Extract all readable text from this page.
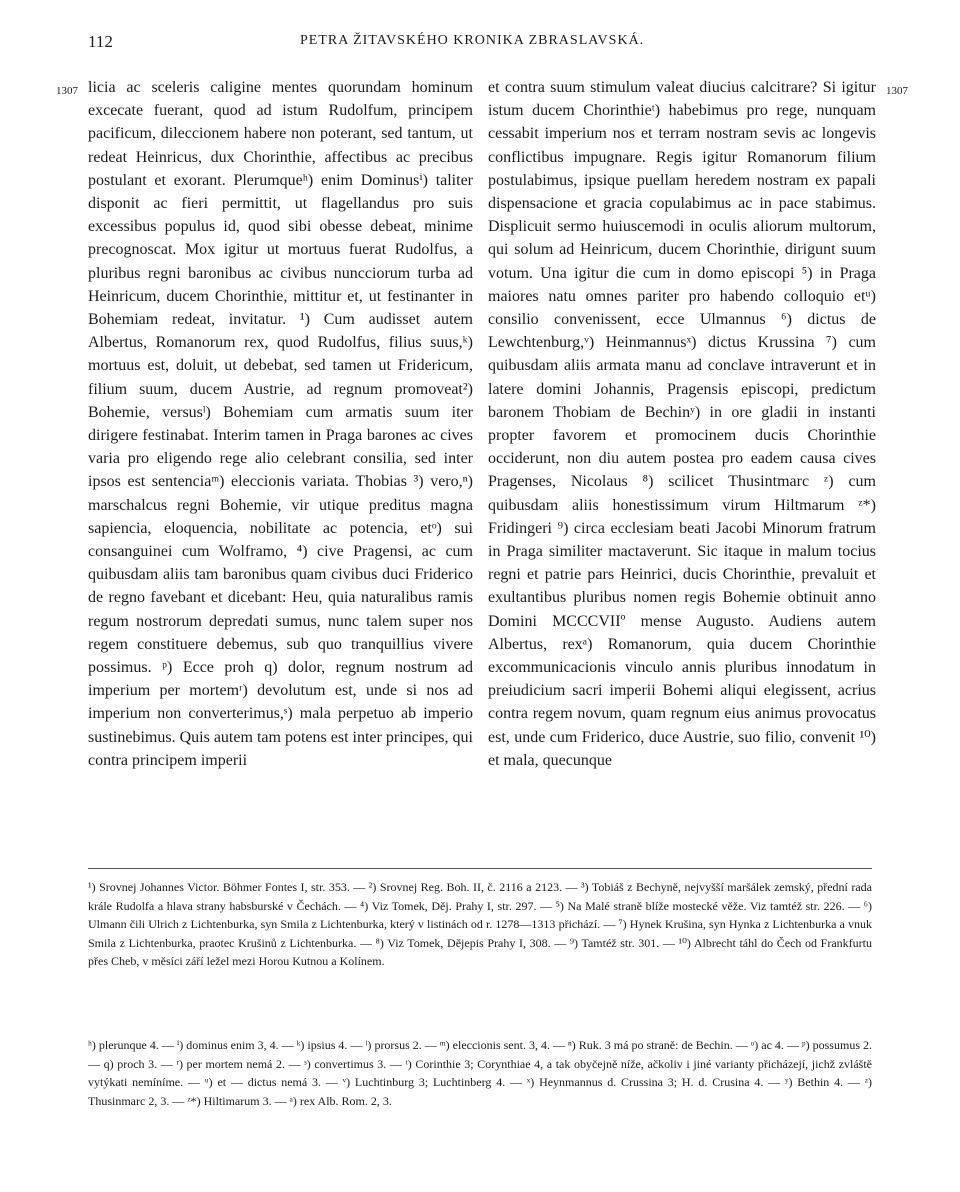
112	PETRA ŽITAVSKÉHO KRONIKA ZBRASLAVSKÁ.
1307	1307

licia ac sceleris caligine mentes quorundam hominum excecate fuerant, quod ad istum Rudolfum, principem pacificum, dileccionem habere non poterant, sed tantum, ut redeat Heinricus, dux Chorinthie, affectibus ac precibus postulant et exorant. Plerumqueʰ) enim Dominusⁱ) taliter disponit ac fieri permittit, ut flagellandus pro suis excessibus populus id, quod sibi obesse debeat, minime precognoscat. Mox igitur ut mortuus fuerat Rudolfus, a pluribus regni baronibus ac civibus nuncciorum turba ad Heinricum, ducem Chorinthie, mittitur et, ut festinanter in Bohemiam redeat, invitatur. ¹) Cum audisset autem Albertus, Romanorum rex, quod Rudolfus, filius suus,ᵏ) mortuus est, doluit, ut debebat, sed tamen ut Fridericum, filium suum, ducem Austrie, ad regnum promoveat²) Bohemie, versusˡ) Bohemiam cum armatis suum iter dirigere festinabat. Interim tamen in Praga barones ac cives varia pro eligendo rege alio celebrant consilia, sed inter ipsos est sentenciaᵐ) eleccionis variata. Thobias ³) vero,ⁿ) marschalcus regni Bohemie, vir utique preditus magna sapiencia, eloquencia, nobilitate ac potencia, etᵒ) sui consanguinei cum Wolframo, ⁴) cive Pragensi, ac cum quibusdam aliis tam baronibus quam civibus duci Friderico de regno favebant et dicebant: Heu, quia naturalibus ramis regum nostrorum depredati sumus, nunc talem super nos regem constituere debemus, sub quo tranquillius vivere possimus. ᵖ) Ecce proh q) dolor, regnum nostrum ad imperium per mortemʳ) devolutum est, unde si nos ad imperium non converterimus,ˢ) mala perpetuo ab imperio sustinebimus. Quis autem tam potens est inter principes, qui contra principem imperii

et contra suum stimulum valeat diucius calcitrare? Si igitur istum ducem Chorinthieᵗ) habebimus pro rege, nunquam cessabit imperium nos et terram nostram sevis ac longevis conflictibus impugnare. Regis igitur Romanorum filium postulabimus, ipsique puellam heredem nostram ex papali dispensacione et gracia copulabimus ac in pace stabimus. Displicuit sermo huiuscemodi in oculis aliorum multorum, qui solum ad Heinricum, ducem Chorinthie, dirigunt suum votum. Una igitur die cum in domo episcopi ⁵) in Praga maiores natu omnes pariter pro habendo colloquio etᵘ) consilio convenissent, ecce Ulmannus ⁶) dictus de Lewchtenburg,ᵛ) Heinmannusˣ) dictus Krussina ⁷) cum quibusdam aliis armata manu ad conclave intraverunt et in latere domini Johannis, Pragensis episcopi, predictum baronem Thobiam de Bechinʸ) in ore gladii in instanti propter favorem et promocinem ducis Chorinthie occiderunt, non diu autem postea pro eadem causa cives Pragenses, Nicolaus ⁸) scilicet Thusintmarc ᶻ) cum quibusdam aliis honestissimum virum Hiltmarum ᶻ*) Fridingeri ⁹) circa ecclesiam beati Jacobi Minorum fratrum in Praga similiter mactaverunt. Sic itaque in malum tocius regni et patrie pars Heinrici, ducis Chorinthie, prevaluit et exultantibus pluribus nomen regis Bohemie obtinuit anno Domini MCCCVIIº mense Augusto. Audiens autem Albertus, rexᵃ) Romanorum, quia ducem Chorinthie excommunicacionis vinculo annis pluribus innodatum in preiudicium sacri imperii Bohemi aliqui elegissent, acrius contra regem novum, quam regnum eius animus provocatus est, unde cum Friderico, duce Austrie, suo filio, convenit ¹⁰) et mala, quecunque

¹) Srovnej Johannes Victor. Böhmer Fontes I, str. 353. — ²) Srovnej Reg. Boh. II, č. 2116 a 2123. — ³) Tobiáš z Bechyně, nejvyšší maršálek zemský, přední rada krále Rudolfa a hlava strany habsburské v Čechách. — ⁴) Viz Tomek, Děj. Prahy I, str. 297. — ⁵) Na Malé straně blíže mostecké věže. Viz tamtéž str. 226. — ⁶) Ulmann čili Ulrich z Lichtenburka, syn Smila z Lichtenburka, který v listinách od r. 1278—1313 přichází. — ⁷) Hynek Krušina, syn Hynka z Lichtenburka a vnuk Smila z Lichtenburka, praotec Krušinů z Lichtenburka. — ⁸) Viz Tomek, Dějepis Prahy I, 308. — ⁹) Tamtéž str. 301. — ¹⁰) Albrecht táhl do Čech od Frankfurtu přes Cheb, v měsíci září ležel mezi Horou Kutnou a Kolínem.

ʰ) plerunque 4. — ⁱ) dominus enim 3, 4. — ᵏ) ipsius 4. — ˡ) prorsus 2. — ᵐ) eleccionis sent. 3, 4. — ⁿ) Ruk. 3 má po straně: de Bechin. — ᵒ) ac 4. — ᵖ) possumus 2. — q) proch 3. — ʳ) per mortem nemá 2. — ˢ) convertimus 3. — ᵗ) Corinthie 3; Corynthiae 4, a tak obyčejně níže, ačkoliv i jiné varianty přicházejí, jichž zvláště vytýkati nemíníme. — ᵘ) et — dictus nemá 3. — ᵛ) Luchtinburg 3; Luchtinberg 4. — ˣ) Heynmannus d. Crussina 3; H. d. Crusina 4. — ʸ) Bethin 4. — ᶻ) Thusinmarc 2, 3. — ᶻ*) Hiltimarum 3. — ᵃ) rex Alb. Rom. 2, 3.
